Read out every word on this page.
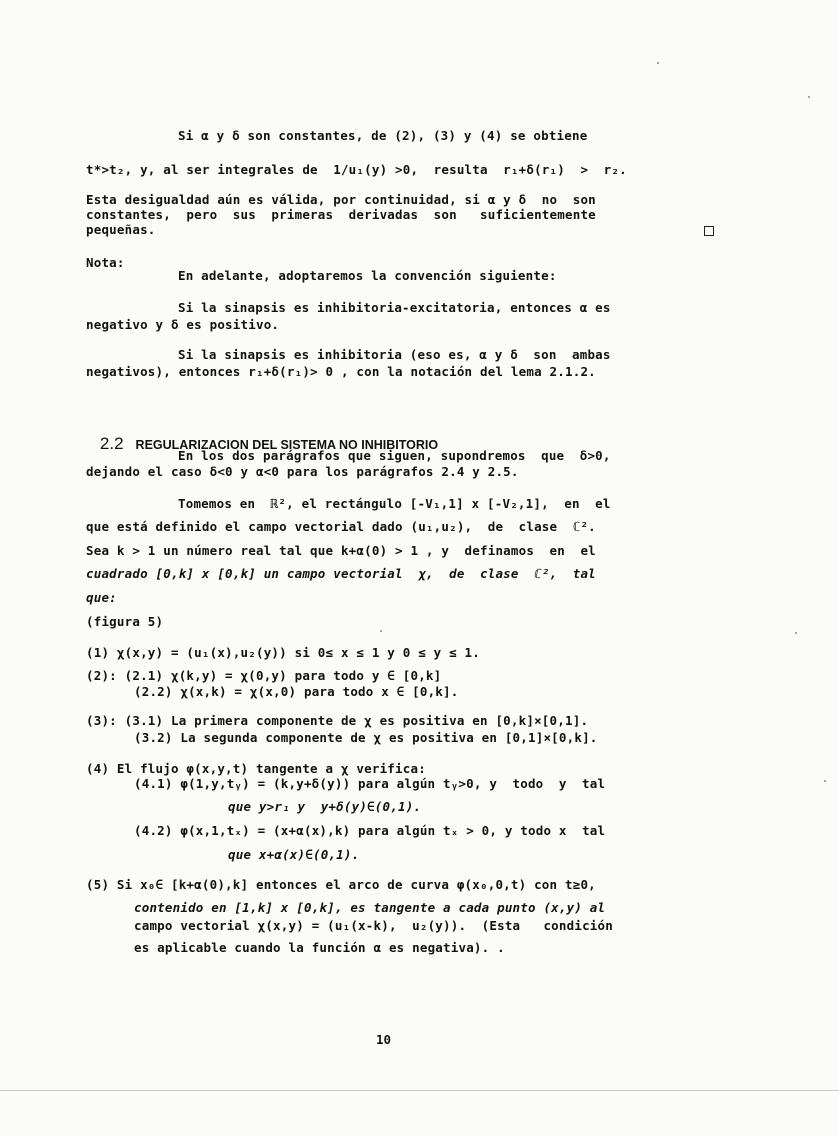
Si α y δ son constantes, de (2), (3) y (4) se obtiene
t*>t₂, y, al ser integrales de  1/u₁(y) >0,  resulta  r₁+δ(r₁)  >  r₂.
Esta desigualdad aún es válida, por continuidad, si α y δ  no  son
constantes,  pero  sus  primeras  derivadas  son   suficientemente
pequeñas.
Nota:
En adelante, adoptaremos la convención siguiente:
Si la sinapsis es inhibitoria-excitatoria, entonces α es
negativo y δ es positivo.
Si la sinapsis es inhibitoria (eso es, α y δ  son  ambas
negativos), entonces r₁+δ(r₁)> 0 , con la notación del lema 2.1.2.

2.2 REGULARIZACION DEL SISTEMA NO INHIBITORIO

En los dos parágrafos que siguen, supondremos  que  δ>0,
dejando el caso δ<0 y α<0 para los parágrafos 2.4 y 2.5.
Tomemos en  ℝ², el rectángulo [-V₁,1] x [-V₂,1],  en  el
que está definido el campo vectorial dado (u₁,u₂),  de  clase  ℂ².
Sea k > 1 un número real tal que k+α(0) > 1 , y  definamos  en  el
cuadrado [0,k] x [0,k] un campo vectorial  χ,  de  clase  ℂ²,  tal
que:
(figura 5)
(1) χ(x,y) = (u₁(x),u₂(y)) si 0≤ x ≤ 1 y 0 ≤ y ≤ 1.
(2): (2.1) χ(k,y) = χ(0,y) para todo y ∈ [0,k]
(2.2) χ(x,k) = χ(x,0) para todo x ∈ [0,k].
(3): (3.1) La primera componente de χ es positiva en [0,k]×[0,1].
(3.2) La segunda componente de χ es positiva en [0,1]×[0,k].
(4) El flujo φ(x,y,t) tangente a χ verifica:
(4.1) φ(1,y,tᵧ) = (k,y+δ(y)) para algún tᵧ>0, y  todo  y  tal
que y>r₁ y  y+δ(y)∈(0,1).
(4.2) φ(x,1,tₓ) = (x+α(x),k) para algún tₓ > 0, y todo x  tal
que x+α(x)∈(0,1).
(5) Si x₀∈ [k+α(0),k] entonces el arco de curva φ(x₀,0,t) con t≥0,
contenido en [1,k] x [0,k], es tangente a cada punto (x,y) al
campo vectorial χ(x,y) = (u₁(x-k),  u₂(y)).  (Esta   condición
es aplicable cuando la función α es negativa). .
10
